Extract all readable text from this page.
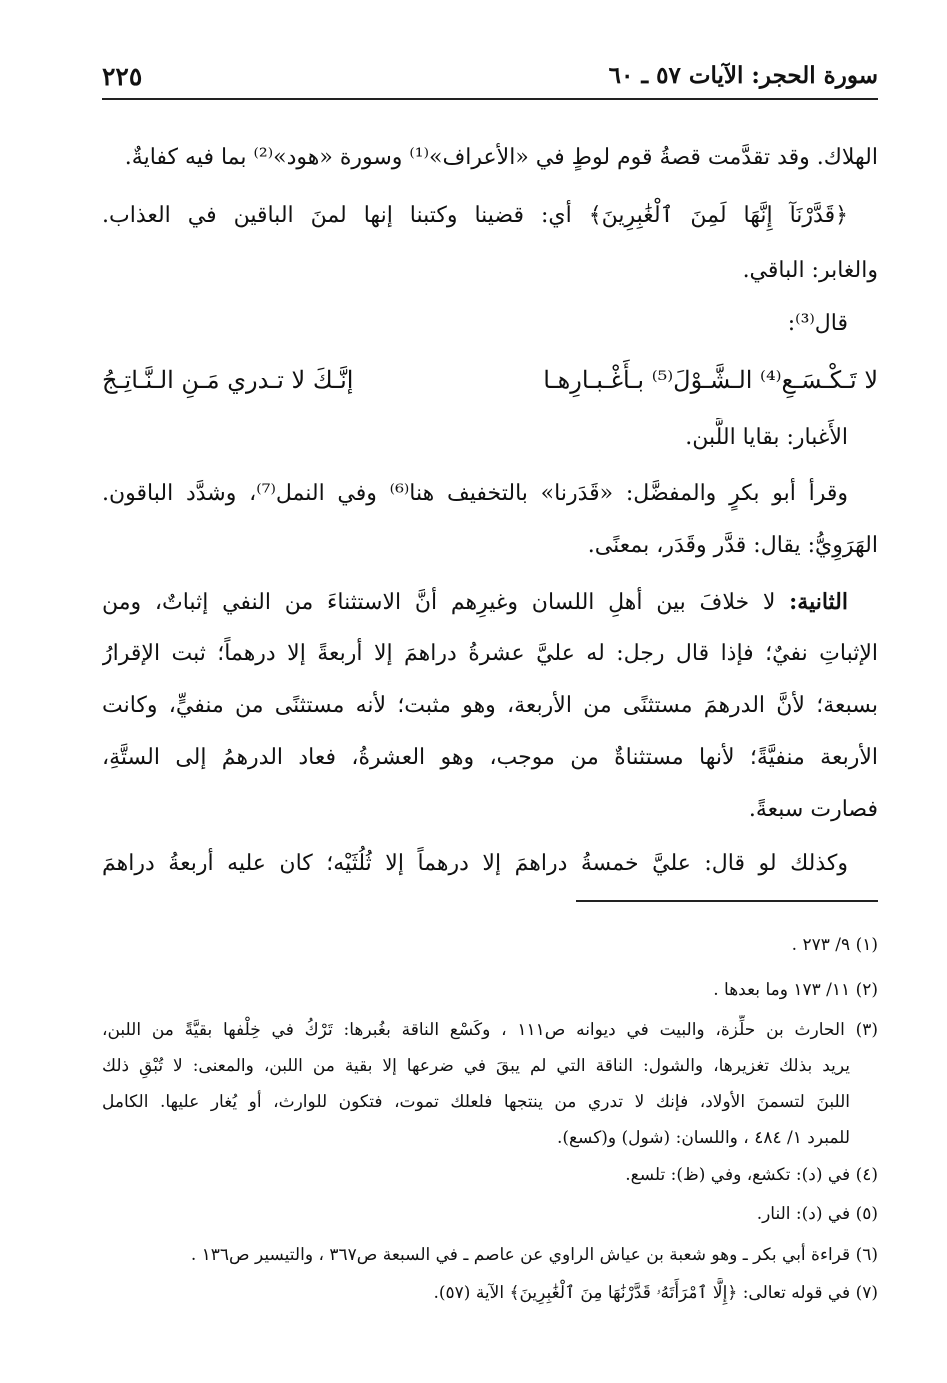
سورة الحجر: الآيات ٥٧ ـ ٦٠
٢٢٥
الهلاك. وقد تقدَّمت قصةُ قوم لوطٍ في «الأعراف»⁽¹⁾ وسورة «هود»⁽²⁾ بما فيه كفايةٌ.
﴿قَدَّرْنَآ إِنَّهَا لَمِنَ ٱلْغَٰبِرِينَ﴾ أي: قضينا وكتبنا إنها لمنَ الباقين في العذاب.
والغابر: الباقي.
قال⁽³⁾:
لا تَـكْـسَـعِ⁽⁴⁾ الـشَّـوْلَ⁽⁵⁾ بـأَغْـبـارِهـا
إنَّـكَ لا تـدري مَـنِ الـنَّـاتِـجُ
الأَغبار: بقايا اللَّبن.
وقرأ أبو بكرٍ والمفضَّل: «قَدَرنا» بالتخفيف هنا⁽⁶⁾ وفي النمل⁽⁷⁾، وشدَّد الباقون.
الهَرَوِيُّ: يقال: قدَّر وقَدَر، بمعنًى.
الثانية: لا خلافَ بين أهلِ اللسان وغيرِهم أنَّ الاستثناءَ من النفي إثباتٌ، ومن
الإثباتِ نفيٌ؛ فإذا قال رجل: له عليَّ عشرةُ دراهمَ إلا أربعةً إلا درهماً؛ ثبت الإقرارُ
بسبعة؛ لأنَّ الدرهمَ مستثنًى من الأربعة، وهو مثبت؛ لأنه مستثنًى من منفيٍّ، وكانت
الأربعة منفيَّةً؛ لأنها مستثناةٌ من موجب، وهو العشرةُ، فعاد الدرهمُ إلى الستَّةِ،
فصارت سبعةً.
وكذلك لو قال: عليَّ خمسةُ دراهمَ إلا درهماً إلا ثُلُثَيْه؛ كان عليه أربعةُ دراهمَ
(١) ٩/ ٢٧٣ .
(٢) ١١/ ١٧٣ وما بعدها .
(٣) الحارث بن حلِّزة، والبيت في ديوانه ص١١١ ، وكَسْع الناقة بغُبرها: تَرْكُ في خِلْفها بقيَّةً من اللبن،
يريد بذلك تغزيرها، والشول: الناقة التي لم يبقَ في ضرعها إلا بقية من اللبن، والمعنى: لا تُبْقِ ذلك
اللبنَ لتسمنَ الأولاد، فإنك لا تدري من ينتجها فلعلك تموت، فتكون للوارث، أو يُغار عليها. الكامل
للمبرد ١/ ٤٨٤ ، واللسان: (شول) و(كسع).
(٤) في (د): تكشع، وفي (ظ): تلسع.
(٥) في (د): النار.
(٦) قراءة أبي بكر ـ وهو شعبة بن عياش الراوي عن عاصم ـ في السبعة ص٣٦٧ ، والتيسير ص١٣٦ .
(٧) في قوله تعالى: ﴿إِلَّا ٱمْرَأَتَهُۥ قَدَّرْنَٰهَا مِنَ ٱلْغَٰبِرِينَ﴾ الآية (٥٧).
